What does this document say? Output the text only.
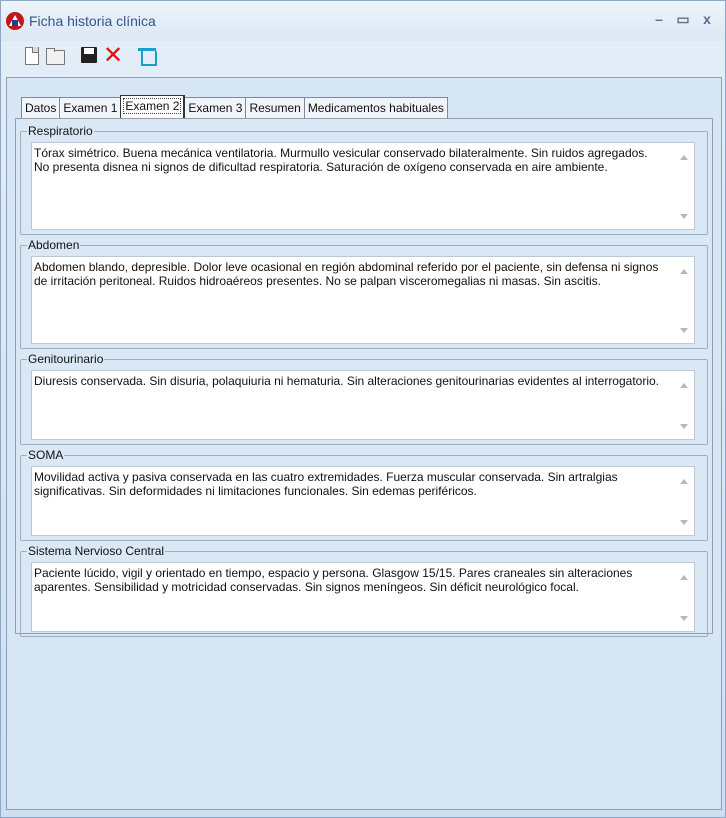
Ficha historia clínica	– ▭ x
✕
Datos Examen 1 Examen 2 Examen 3 Resumen Medicamentos habituales
Respiratorio
Tórax simétrico. Buena mecánica ventilatoria. Murmullo vesicular conservado bilateralmente. Sin ruidos agregados. No presenta disnea ni signos de dificultad respiratoria. Saturación de oxígeno conservada en aire ambiente.
Abdomen
Abdomen blando, depresible. Dolor leve ocasional en región abdominal referido por el paciente, sin defensa ni signos de irritación peritoneal. Ruidos hidroaéreos presentes. No se palpan visceromegalias ni masas. Sin ascitis.
Genitourinario
Diuresis conservada. Sin disuria, polaquiuria ni hematuria. Sin alteraciones genitourinarias evidentes al interrogatorio.
SOMA
Movilidad activa y pasiva conservada en las cuatro extremidades. Fuerza muscular conservada. Sin artralgias significativas. Sin deformidades ni limitaciones funcionales. Sin edemas periféricos.
Sistema Nervioso Central
Paciente lúcido, vigil y orientado en tiempo, espacio y persona. Glasgow 15/15. Pares craneales sin alteraciones aparentes. Sensibilidad y motricidad conservadas. Sin signos meníngeos. Sin déficit neurológico focal.
